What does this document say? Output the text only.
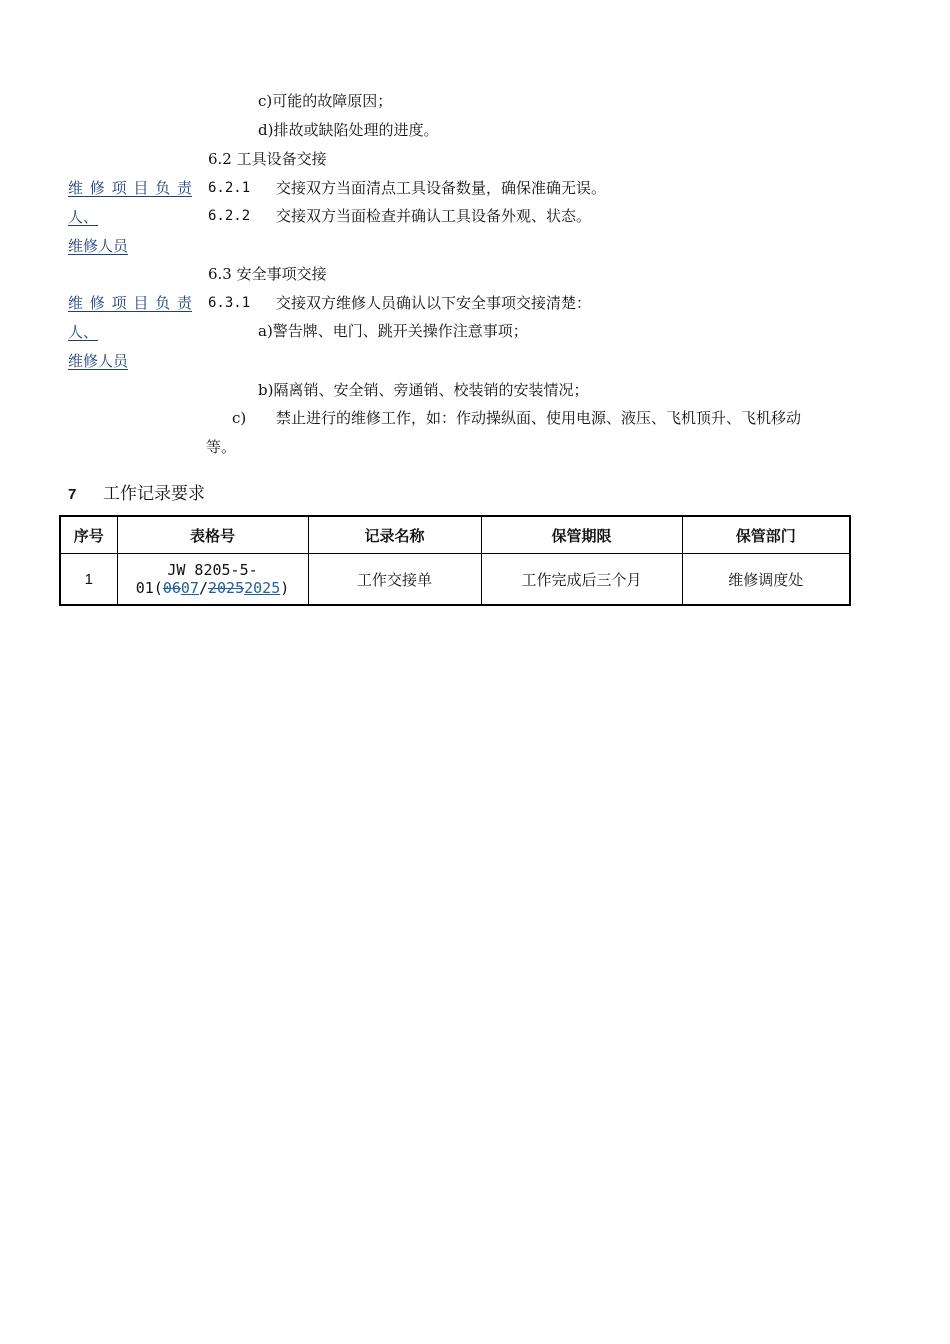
c)可能的故障原因；
d)排故或缺陷处理的进度。
6.2 工具设备交接
维修项目负责
人、
维修人员
6.2.1 交接双方当面清点工具设备数量，确保准确无误。
6.2.2 交接双方当面检查并确认工具设备外观、状态。
6.3 安全事项交接
维修项目负责
人、
维修人员
6.3.1 交接双方维修人员确认以下安全事项交接清楚：
a)警告牌、电门、跳开关操作注意事项；
b)隔离销、安全销、旁通销、校装销的安装情况；
c) 禁止进行的维修工作，如：作动操纵面、使用电源、液压、飞机顶升、飞机移动
等。
7 工作记录要求
序号	表格号	记录名称	保管期限	保管部门
1	JW 8205-5-
01(0607/20252025)	工作交接单	工作完成后三个月	维修调度处
